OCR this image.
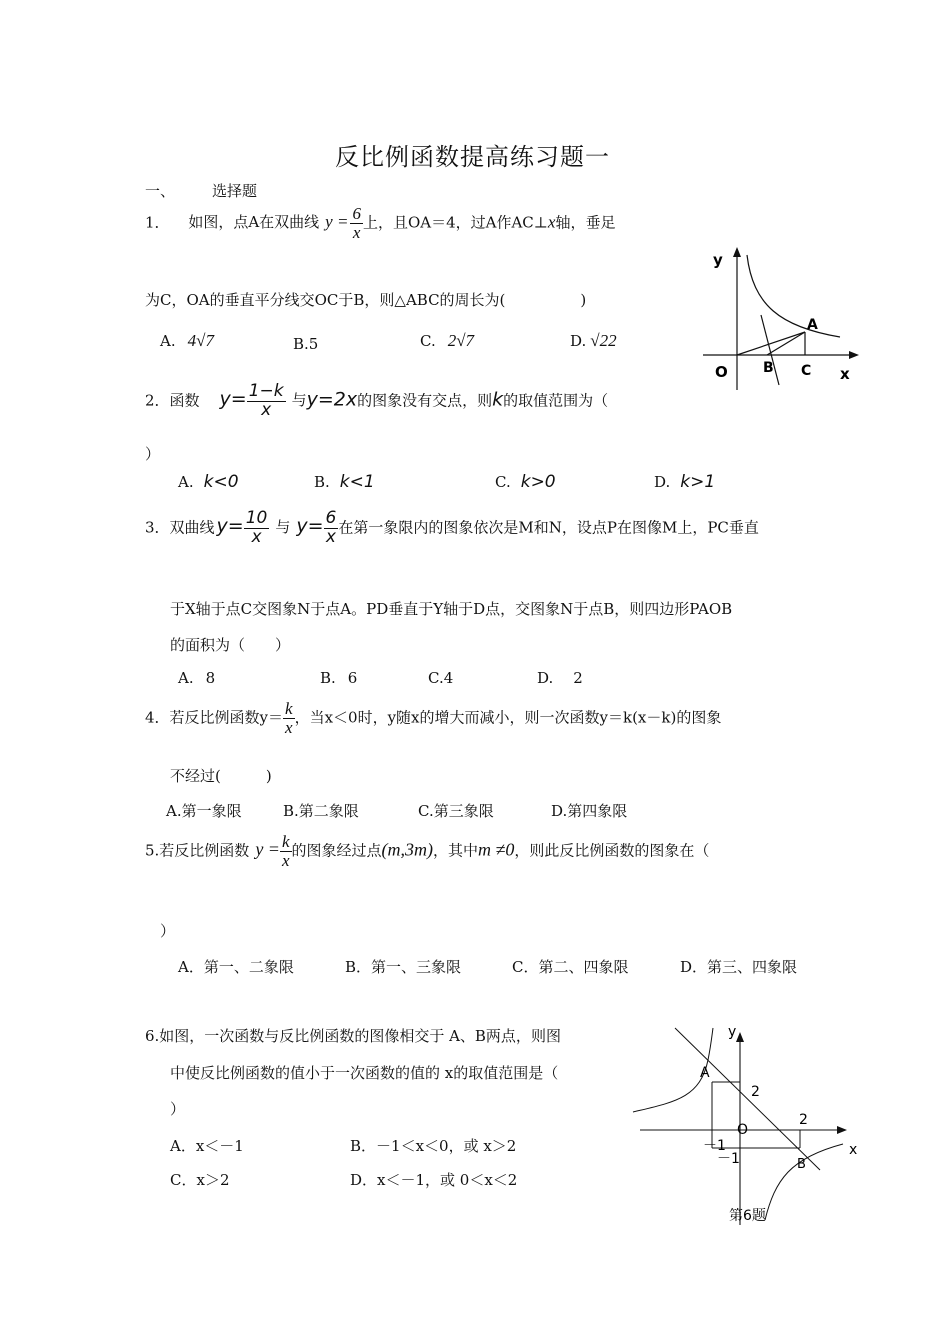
反比例函数提高练习题一
一、 选择题
1． 如图，点A在双曲线 $y = \frac{6}{x}$ 上，且OA＝4，过A作AC⊥x轴，垂足
为C，OA的垂直平分线交OC于B，则△ABC的周长为(　　　　　)
A. 4√7	B.5	C. 2√7	D. √22
y
x
O
A
B C
2．函数 $y= \frac{1-k}{x}$ 与y=2x的图象没有交点，则k的取值范围为（
）
A. k<0	B. k<1	C. k>0	D. k>1
3．双曲线 $y= \frac{10}{x}$ 与 $y= \frac{6}{x}$ 在第一象限内的图象依次是M和N，设点P在图像M上，PC垂直
于X轴于点C交图象N于点A。PD垂直于Y轴于D点，交图象N于点B，则四边形PAOB
的面积为（　　）
A. 8	B. 6	C.4	D. 2
4．若反比例函数$y= \frac{k}{x}$ ，当x＜0时，y随x的增大而减小，则一次函数y＝k(x－k)的图象
不经过(　　　)
A.第一象限	B.第二象限	C.第三象限	D.第四象限
5.若反比例函数 $y = \frac{k}{x}$ 的图象经过点(m,3m)，其中m ≠0，则此反比例函数的图象在（
）
A．第一、二象限	B．第一、三象限	C．第二、四象限	D．第三、四象限
6.如图，一次函数与反比例函数的图像相交于 A、B两点，则图
中使反比例函数的值小于一次函数的值的 x的取值范围是（
）
A．x＜－1	B．－1＜x＜0，或 x＞2
C．x＞2	D．x＜－1，或 0＜x＜2
y
x
O
A
B
2
2
－1
－1
第6题
